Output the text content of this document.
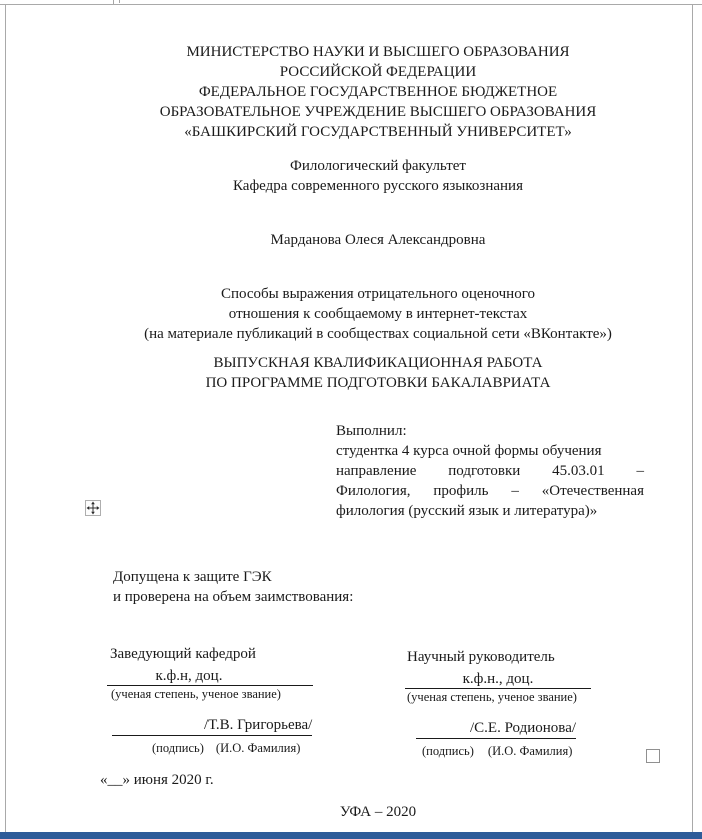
МИНИСТЕРСТВО НАУКИ И ВЫСШЕГО ОБРАЗОВАНИЯ
РОССИЙСКОЙ ФЕДЕРАЦИИ
ФЕДЕРАЛЬНОЕ ГОСУДАРСТВЕННОЕ БЮДЖЕТНОЕ
ОБРАЗОВАТЕЛЬНОЕ УЧРЕЖДЕНИЕ ВЫСШЕГО ОБРАЗОВАНИЯ
«БАШКИРСКИЙ ГОСУДАРСТВЕННЫЙ УНИВЕРСИТЕТ»
Филологический факультет
Кафедра современного русского языкознания
Марданова Олеся Александровна
Способы выражения отрицательного оценочного
отношения к сообщаемому в интернет-текстах
(на материале публикаций в сообществах социальной сети «ВКонтакте»)
ВЫПУСКНАЯ КВАЛИФИКАЦИОННАЯ РАБОТА
ПО ПРОГРАММЕ ПОДГОТОВКИ БАКАЛАВРИАТА
Выполнил:
студентка 4 курса очной формы обучения
направление подготовки 45.03.01 –
Филология, профиль – «Отечественная
филология (русский язык и литература)»
Допущена к защите ГЭК
и проверена на объем заимствования:
Заведующий кафедрой
к.ф.н, доц.
(ученая степень, ученое звание)
/Т.В. Григорьева/
(подпись) (И.О. Фамилия)
Научный руководитель
к.ф.н., доц.
(ученая степень, ученое звание)
/С.Е. Родионова/
(подпись) (И.О. Фамилия)
«__» июня 2020 г.
УФА – 2020
